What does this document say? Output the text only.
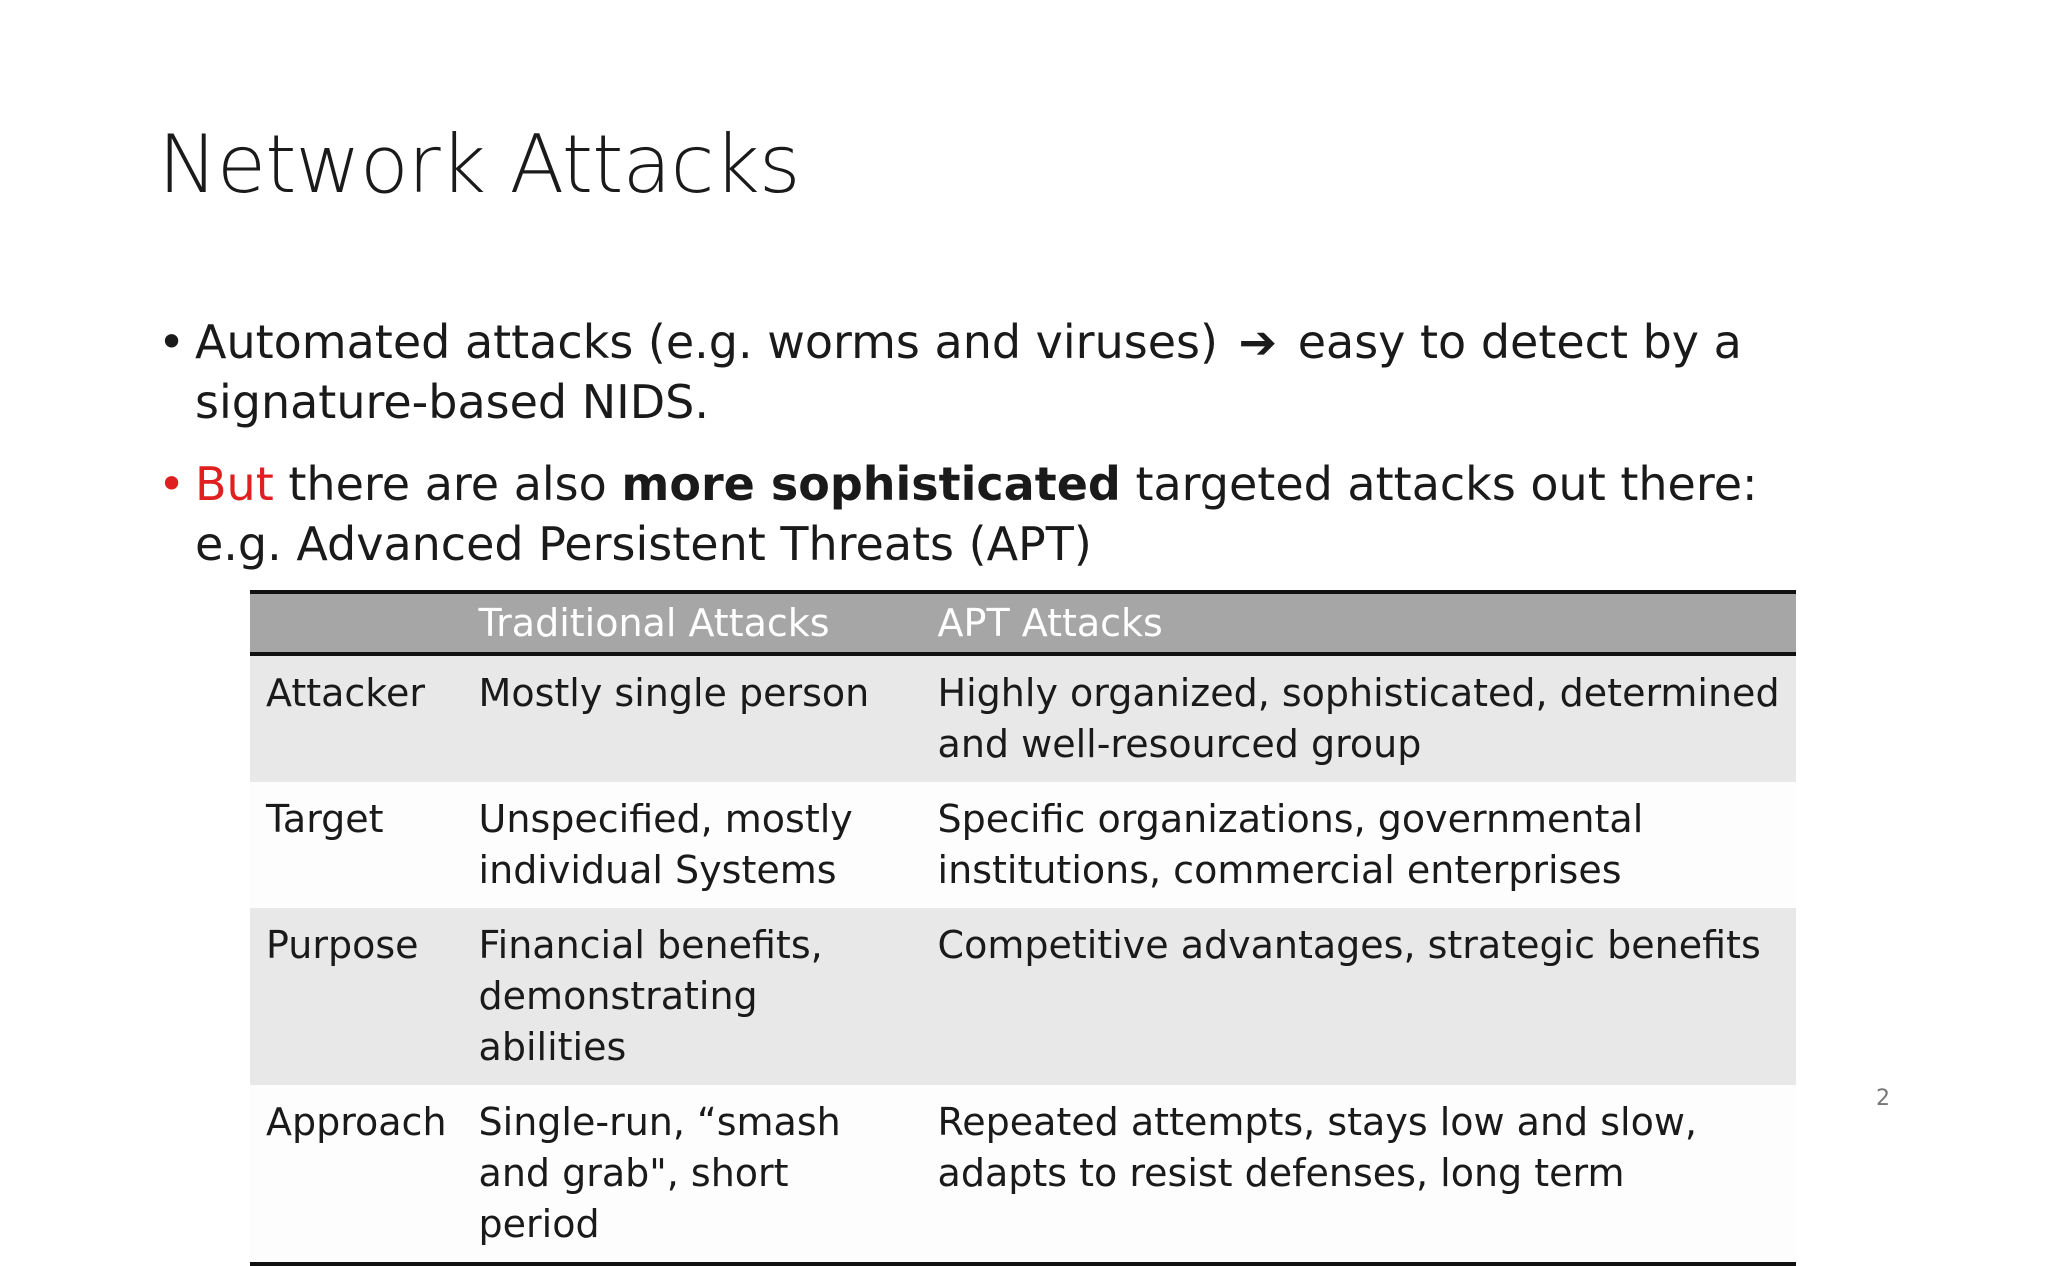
Network Attacks
• Automated attacks (e.g. worms and viruses) ➔ easy to detect by a signature-based NIDS.
• But there are also more sophisticated targeted attacks out there: e.g. Advanced Persistent Threats (APT)
	Traditional Attacks	APT Attacks
Attacker	Mostly single person	Highly organized, sophisticated, determined and well-resourced group
Target	Unspecified, mostly individual Systems	Specific organizations, governmental institutions, commercial enterprises
Purpose	Financial benefits, demonstrating abilities	Competitive advantages, strategic benefits
Approach	Single-run, “smash and grab", short period	Repeated attempts, stays low and slow, adapts to resist defenses, long term
2
